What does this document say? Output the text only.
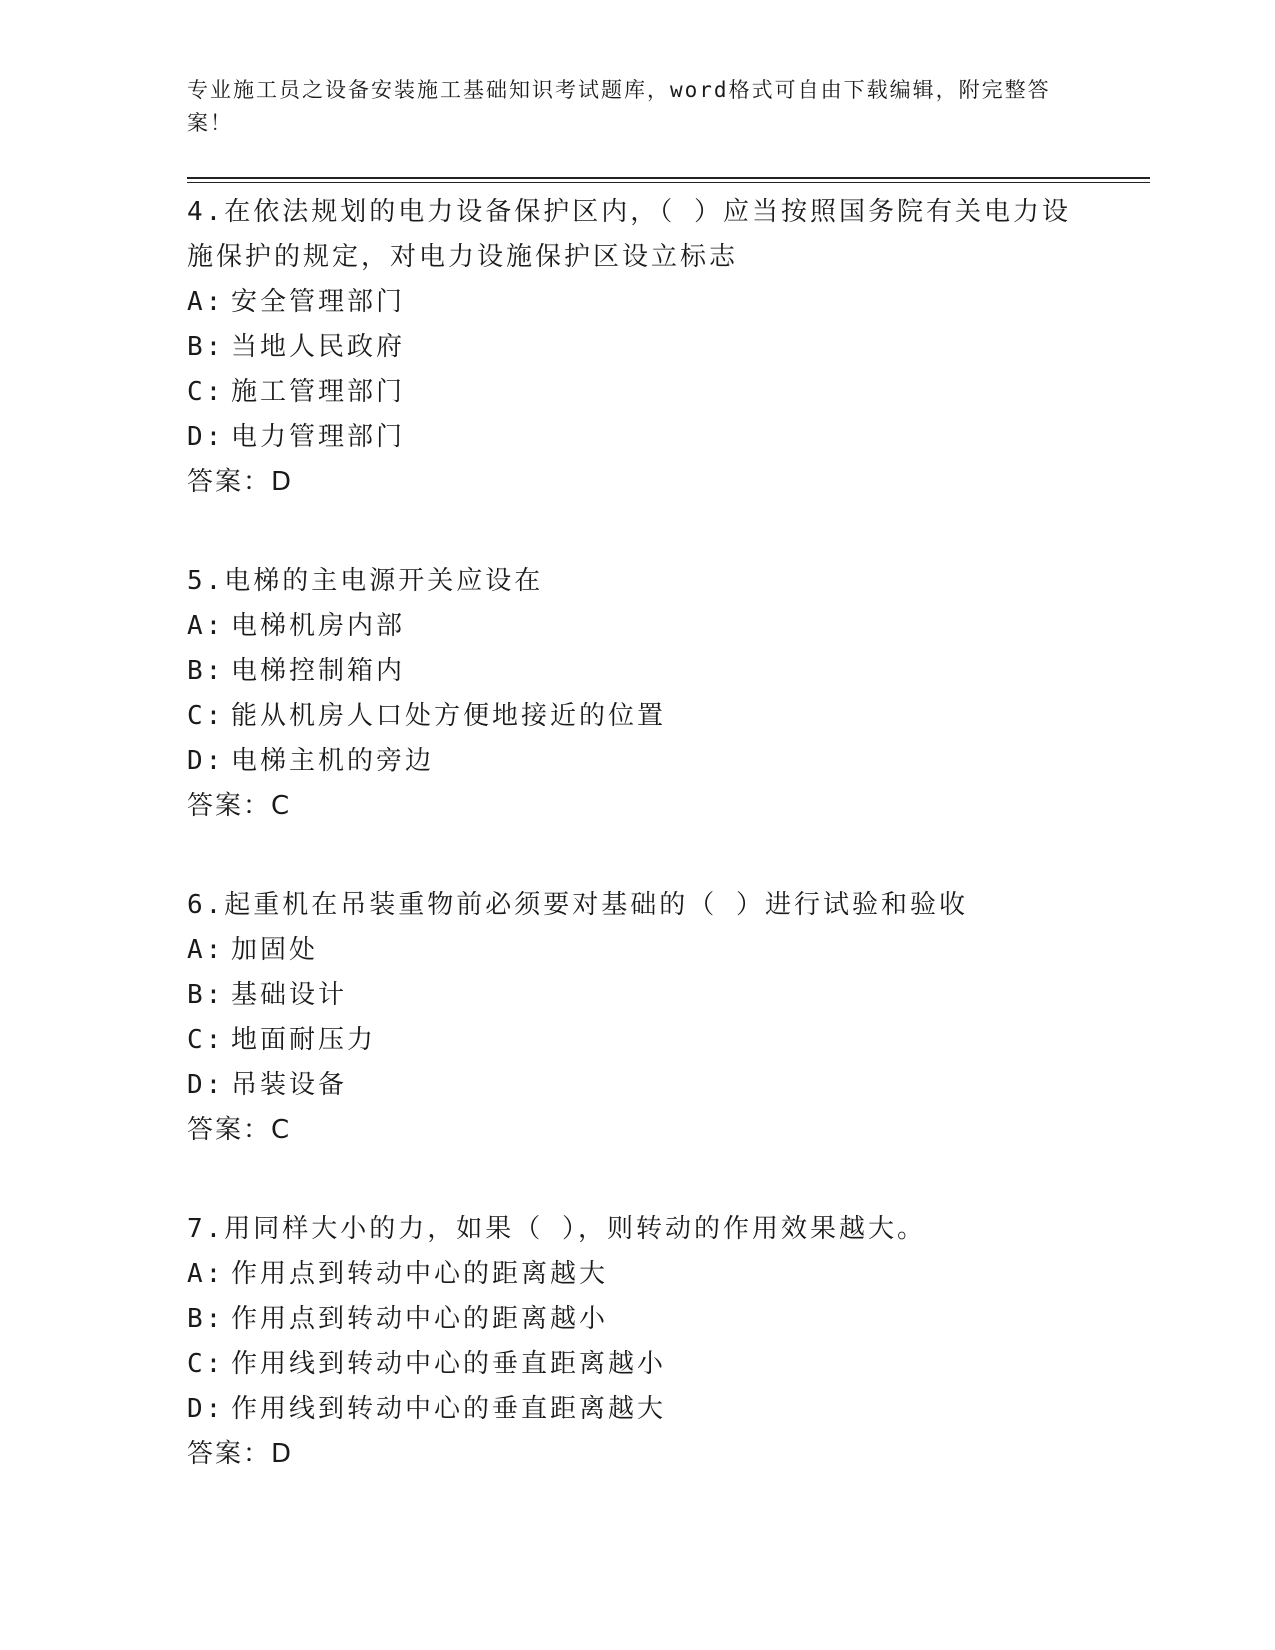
专业施工员之设备安装施工基础知识考试题库，word格式可自由下载编辑，附完整答案！

4.在依法规划的电力设备保护区内，（ ）应当按照国务院有关电力设施保护的规定，对电力设施保护区设立标志

A: 安全管理部门

B: 当地人民政府

C: 施工管理部门

D: 电力管理部门

答案：D

5.电梯的主电源开关应设在

A: 电梯机房内部

B: 电梯控制箱内

C: 能从机房人口处方便地接近的位置

D: 电梯主机的旁边

答案：C

6.起重机在吊装重物前必须要对基础的（ ）进行试验和验收

A: 加固处

B: 基础设计

C: 地面耐压力

D: 吊装设备

答案：C

7.用同样大小的力，如果（ ），则转动的作用效果越大。

A: 作用点到转动中心的距离越大

B: 作用点到转动中心的距离越小

C: 作用线到转动中心的垂直距离越小

D: 作用线到转动中心的垂直距离越大

答案：D
